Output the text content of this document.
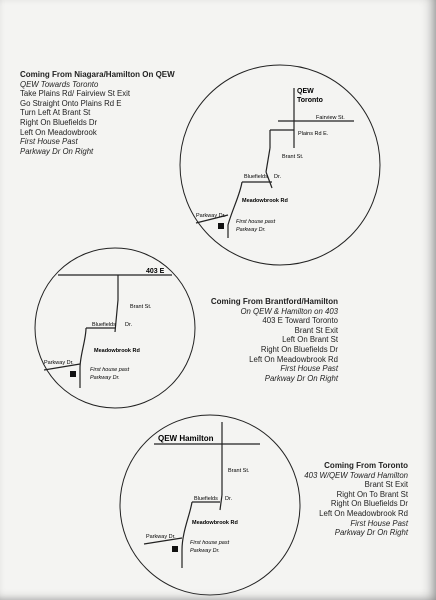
Coming From Niagara/Hamilton On QEW
QEW Towards Toronto
Take Plains Rd/ Fairview St Exit
Go Straight Onto Plains Rd E
Turn Left At Brant St
Right On Bluefields Dr
Left On Meadowbrook
First House Past
Parkway Dr On Right
QEW
Toronto
Fairview St.
Plains Rd E.
Brant St.
Bluefields Dr.
Meadowbrook Rd
Parkway Dr.
First house past
Parkway Dr.
403 E
Brant St.
Bluefields Dr.
Meadowbrook Rd
Parkway Dr.
First house past
Parkway Dr.
Coming From Brantford/Hamilton
On QEW & Hamilton on 403
403 E Toward Toronto
Brant St Exit
Left On Brant St
Right On Bluefields Dr
Left On Meadowbrook Rd
First House Past
Parkway Dr On Right
QEW Hamilton
Brant St.
Bluefields Dr.
Meadowbrook Rd
Parkway Dr.
First house past
Parkway Dr.
Coming From Toronto
403 W/QEW Toward Hamilton
Brant St Exit
Right On To Brant St
Right On Bluefields Dr
Left On Meadowbrook Rd
First House Past
Parkway Dr On Right
